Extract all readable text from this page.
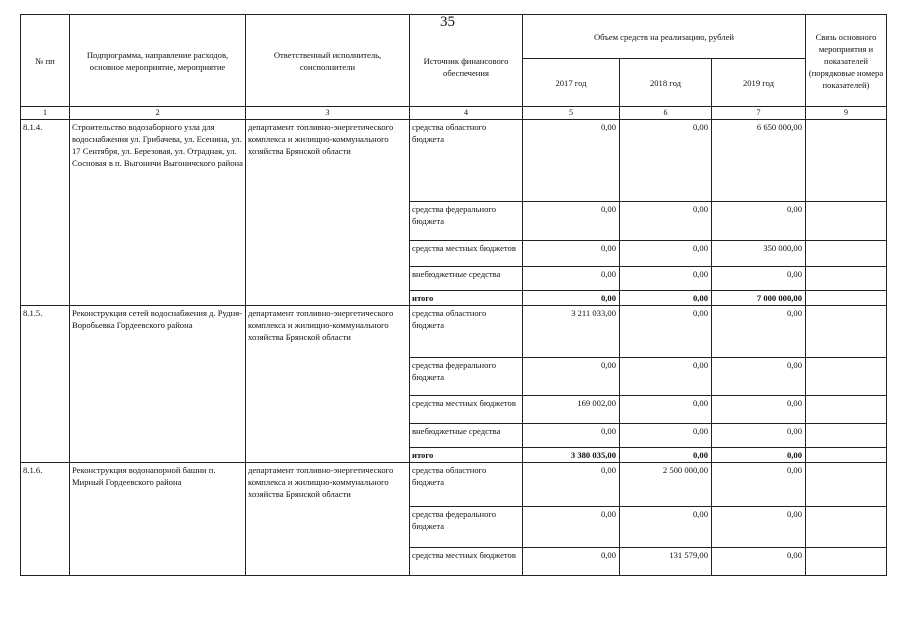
35
№ пп	Подпрограмма, направление расходов, основное мероприятие, мероприятие	Ответственный исполнитель, соисполнители	Источник финансового обеспечения	Объем средств на реализацию, рублей			Связь основного мероприятия и показателей (порядковые номера показателей)
				2017 год	2018 год	2019 год	
1	2	3	4	5	6	7	9
8.1.4.	Строительство водозаборного узла для водоснабжения ул. Грибачева, ул. Есенина, ул. 17 Сентября, ул. Березовая, ул. Отрадная, ул. Сосновая в п. Выгоничи Выгоничского района	департамент топливно-энергетического комплекса и жилищно-коммунального хозяйства Брянской области	средства областного бюджета	0,00	0,00	6 650 000,00	
			средства федерального бюджета	0,00	0,00	0,00	
			средства местных бюджетов	0,00	0,00	350 000,00	
			внебюджетные средства	0,00	0,00	0,00	
			итого	0,00	0,00	7 000 000,00	
8.1.5.	Реконструкция сетей водоснабжения д. Рудня-Воробьевка Гордеевского района	департамент топливно-энергетического комплекса и жилищно-коммунального хозяйства Брянской области	средства областного бюджета	3 211 033,00	0,00	0,00	
			средства федерального бюджета	0,00	0,00	0,00	
			средства местных бюджетов	169 002,00	0,00	0,00	
			внебюджетные средства	0,00	0,00	0,00	
			итого	3 380 035,00	0,00	0,00	
8.1.6.	Реконструкция водонапорной башни п. Мирный Гордеевского района	департамент топливно-энергетического комплекса и жилищно-коммунального хозяйства Брянской области	средства областного бюджета	0,00	2 500 000,00	0,00	
			средства федерального бюджета	0,00	0,00	0,00	
			средства местных бюджетов	0,00	131 579,00	0,00	
